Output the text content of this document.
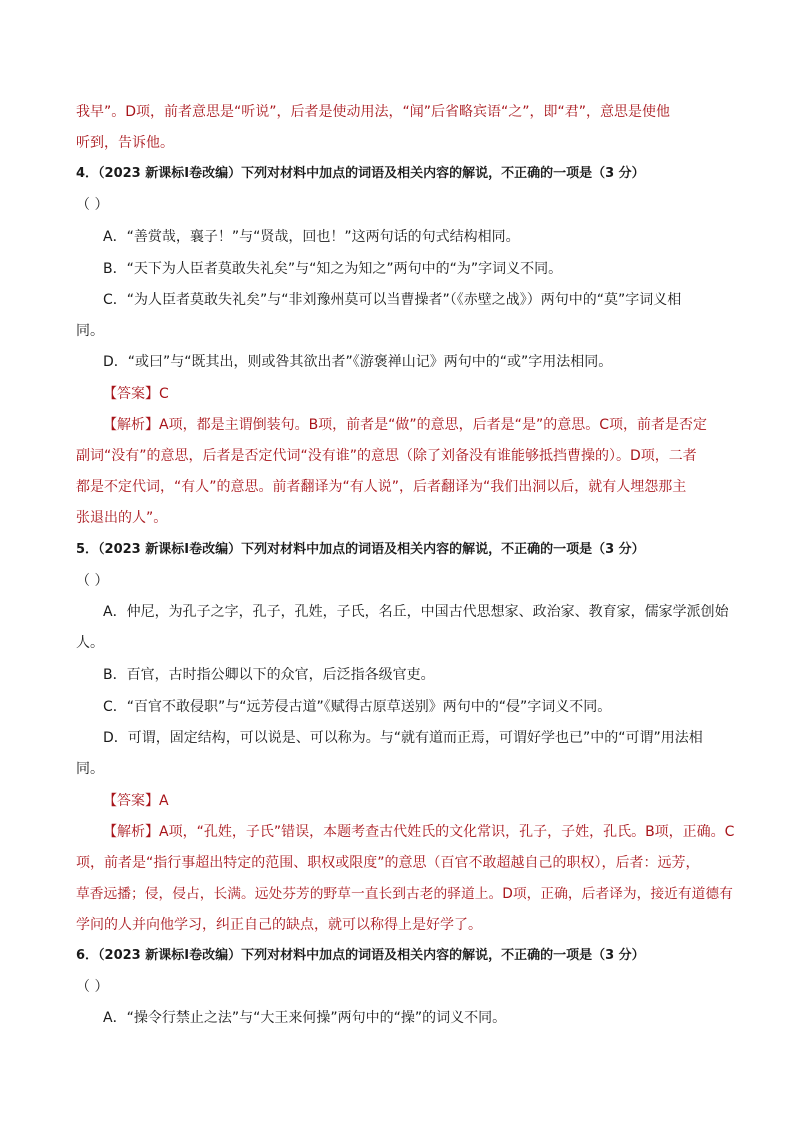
我早”。D项，前者意思是“听说”，后者是使动用法，“闻”后省略宾语“之”，即“君”，意思是使他
听到，告诉他。
4．（2023 新课标Ⅰ卷改编）下列对材料中加点的词语及相关内容的解说，不正确的一项是（3 分）
（ ）
A．“善赏哉，襄子！”与“贤哉，回也！”这两句话的句式结构相同。
B．“天下为人臣者莫敢失礼矣”与“知之为知之”两句中的“为”字词义不同。
C．“为人臣者莫敢失礼矣”与“非刘豫州莫可以当曹操者”（《赤壁之战》）两句中的“莫”字词义相
同。
D．“或曰”与“既其出，则或咎其欲出者”《游褒禅山记》两句中的“或”字用法相同。
【答案】C
【解析】A项，都是主谓倒装句。B项，前者是“做”的意思，后者是“是”的意思。C项，前者是否定
副词“没有”的意思，后者是否定代词“没有谁”的意思（除了刘备没有谁能够抵挡曹操的）。D项，二者
都是不定代词，“有人”的意思。前者翻译为“有人说”，后者翻译为“我们出洞以后，就有人埋怨那主
张退出的人”。
5．（2023 新课标Ⅰ卷改编）下列对材料中加点的词语及相关内容的解说，不正确的一项是（3 分）
（ ）
A．仲尼，为孔子之字，孔子，孔姓，子氏，名丘，中国古代思想家、政治家、教育家，儒家学派创始
人。
B．百官，古时指公卿以下的众官，后泛指各级官吏。
C．“百官不敢侵职”与“远芳侵古道”《赋得古原草送别》两句中的“侵”字词义不同。
D．可谓，固定结构，可以说是、可以称为。与“就有道而正焉，可谓好学也已”中的“可谓”用法相
同。
【答案】A
【解析】A项，“孔姓，子氏”错误，本题考查古代姓氏的文化常识，孔子，子姓，孔氏。B项，正确。C
项，前者是“指行事超出特定的范围、职权或限度”的意思（百官不敢超越自己的职权），后者：远芳，
草香远播；侵，侵占，长满。远处芬芳的野草一直长到古老的驿道上。D项，正确，后者译为，接近有道德有
学问的人并向他学习，纠正自己的缺点，就可以称得上是好学了。
6．（2023 新课标Ⅰ卷改编）下列对材料中加点的词语及相关内容的解说，不正确的一项是（3 分）
（ ）
A．“操令行禁止之法”与“大王来何操”两句中的“操”的词义不同。
